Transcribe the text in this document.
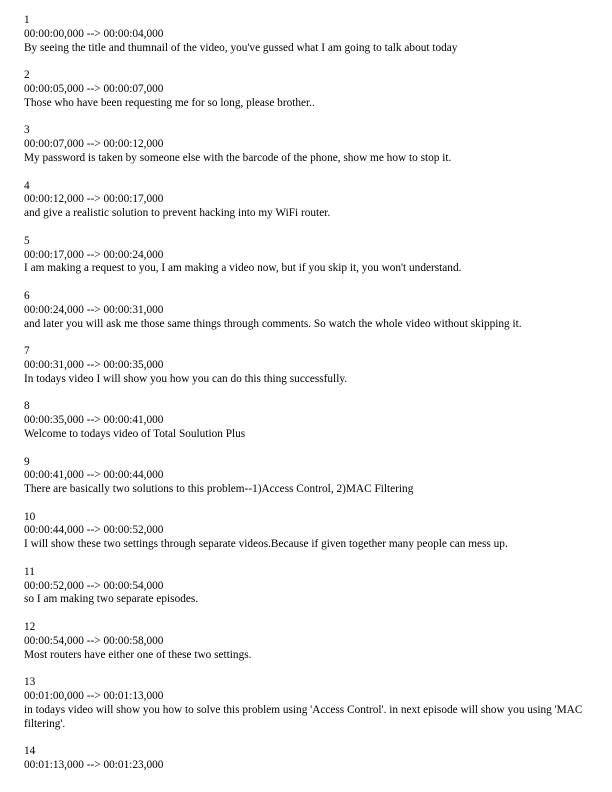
1
00:00:00,000 --> 00:00:04,000
By seeing the title and thumnail of the video, you've gussed what I am going to talk about today
2
00:00:05,000 --> 00:00:07,000
Those who have been requesting me for so long, please brother..
3
00:00:07,000 --> 00:00:12,000
My password is taken by someone else with the barcode of the phone, show me how to stop it.
4
00:00:12,000 --> 00:00:17,000
and give a realistic solution to prevent hacking into my WiFi router.
5
00:00:17,000 --> 00:00:24,000
I am making a request to you, I am making a video now, but if you skip it, you won't understand.
6
00:00:24,000 --> 00:00:31,000
and later you will ask me those same things through comments. So watch the whole video without skipping it.
7
00:00:31,000 --> 00:00:35,000
In todays video I will show you how you can do this thing successfully.
8
00:00:35,000 --> 00:00:41,000
Welcome to todays video of Total Soulution Plus
9
00:00:41,000 --> 00:00:44,000
There are basically two solutions to this problem--1)Access Control, 2)MAC Filtering
10
00:00:44,000 --> 00:00:52,000
I will show these two settings through separate videos.Because if given together many people can mess up.
11
00:00:52,000 --> 00:00:54,000
so I am making two separate episodes.
12
00:00:54,000 --> 00:00:58,000
Most routers have either one of these two settings.
13
00:01:00,000 --> 00:01:13,000
in todays video will show you how to solve this problem using 'Access Control'. in next episode will show you using 'MAC filtering'.
14
00:01:13,000 --> 00:01:23,000
